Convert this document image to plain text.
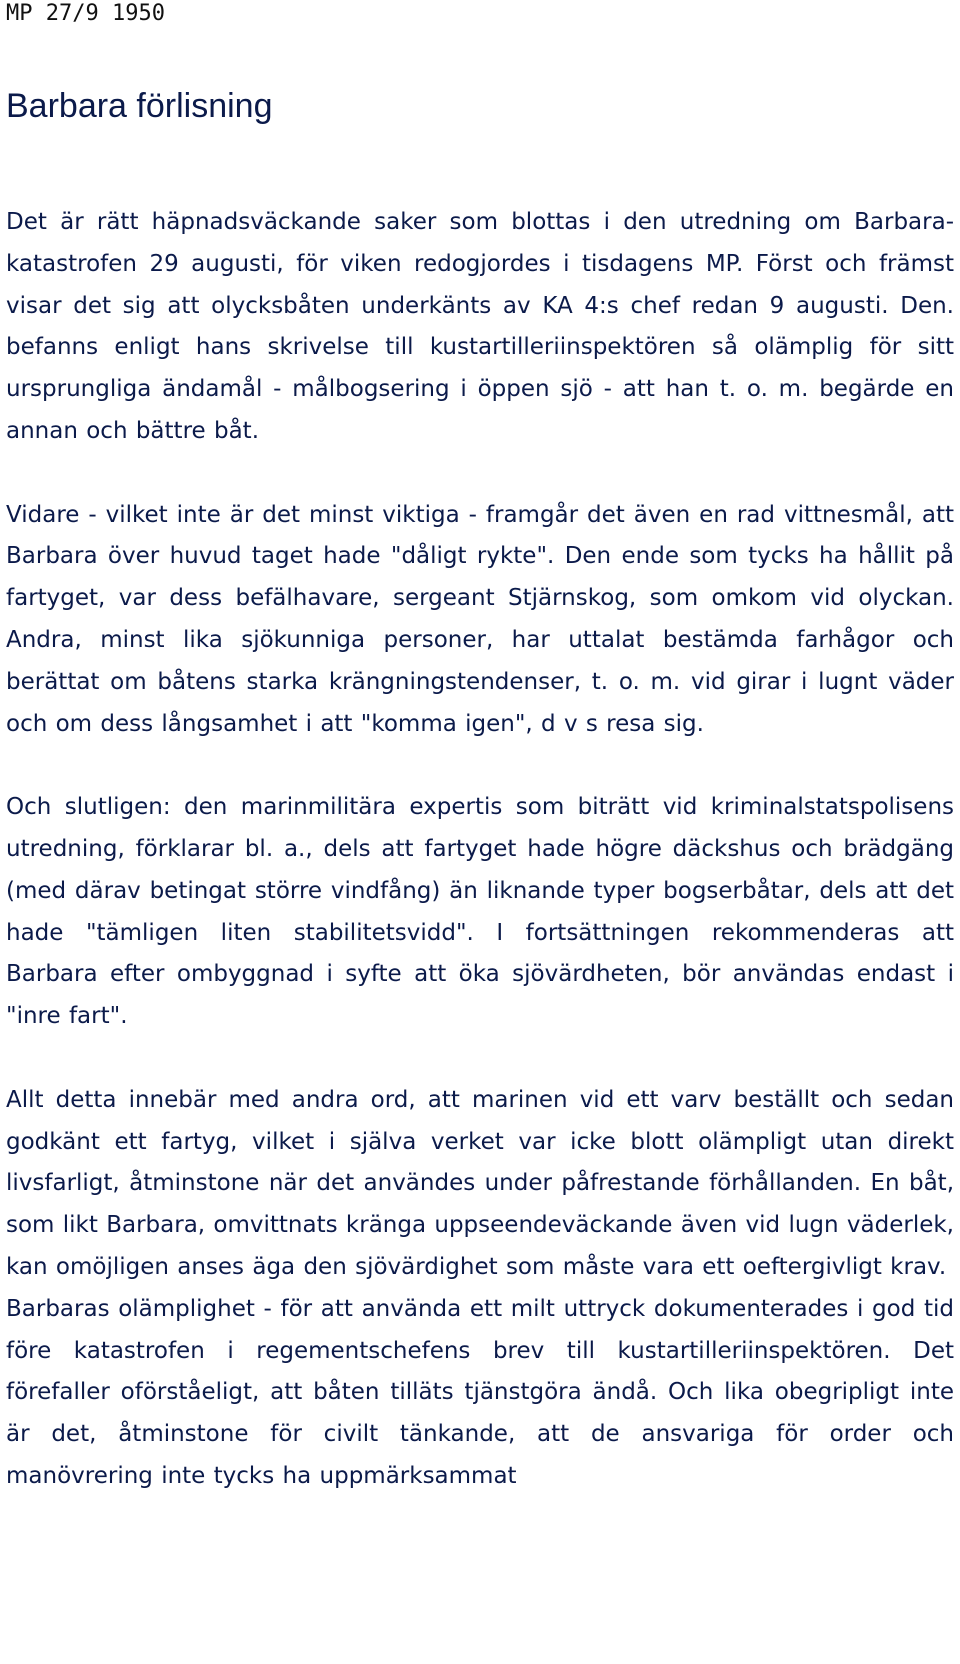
MP 27/9 1950
Barbara förlisning

Det är rätt häpnadsväckande saker som blottas i den utredning om Barbara-katastrofen 29 augusti, för viken redogjordes i tisdagens MP. Först och främst visar det sig att olycksbåten underkänts av KA 4:s chef redan 9 augusti. Den. befanns enligt hans skrivelse till kustartilleriinspektören så olämplig för sitt ursprungliga ändamål - målbogsering i öppen sjö - att han t. o. m. begärde en annan och bättre båt.

Vidare - vilket inte är det minst viktiga - framgår det även en rad vittnesmål, att Barbara över huvud taget hade "dåligt rykte". Den ende som tycks ha hållit på fartyget, var dess befälhavare, sergeant Stjärnskog, som omkom vid olyckan. Andra, minst lika sjökunniga personer, har uttalat bestämda farhågor och berättat om båtens starka krängningstendenser, t. o. m. vid girar i lugnt väder och om dess långsamhet i att "komma igen", d v s resa sig.

Och slutligen: den marinmilitära expertis som biträtt vid kriminalstatspolisens utredning, förklarar bl. a., dels att fartyget hade högre däckshus och brädgäng (med därav betingat större vindfång) än liknande typer bogserbåtar, dels att det hade "tämligen liten stabilitetsvidd". I fortsättningen rekommenderas att Barbara efter ombyggnad i syfte att öka sjövärdheten, bör användas endast i "inre fart".

Allt detta innebär med andra ord, att marinen vid ett varv beställt och sedan godkänt ett fartyg, vilket i själva verket var icke blott olämpligt utan direkt livsfarligt, åtminstone när det användes under påfrestande förhållanden. En båt, som likt Barbara, omvittnats kränga uppseendeväckande även vid lugn väderlek, kan omöjligen anses äga den sjövärdighet som måste vara ett oeftergivligt krav.

Barbaras olämplighet - för att använda ett milt uttryck dokumenterades i god tid före katastrofen i regementschefens brev till kustartilleriinspektören. Det förefaller oförståeligt, att båten tilläts tjänstgöra ändå. Och lika obegripligt inte är det, åtminstone för civilt tänkande, att de ansvariga för order och manövrering inte tycks ha uppmärksammat
